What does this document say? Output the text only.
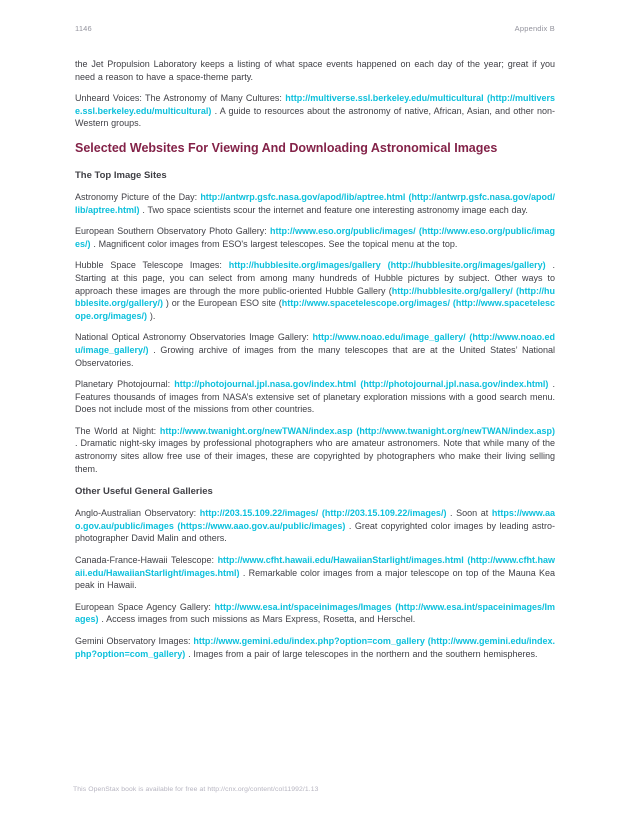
1146	Appendix B

the Jet Propulsion Laboratory keeps a listing of what space events happened on each day of the year; great if you need a reason to have a space-theme party.

Unheard Voices: The Astronomy of Many Cultures: http://multiverse.ssl.berkeley.edu/multicultural (http://multiverse.ssl.berkeley.edu/multicultural) . A guide to resources about the astronomy of native, African, Asian, and other non-Western groups.

Selected Websites For Viewing And Downloading Astronomical Images
The Top Image Sites

Astronomy Picture of the Day: http://antwrp.gsfc.nasa.gov/apod/lib/aptree.html (http://antwrp.gsfc.nasa.gov/apod/lib/aptree.html) . Two space scientists scour the internet and feature one interesting astronomy image each day.

European Southern Observatory Photo Gallery: http://www.eso.org/public/images/ (http://www.eso.org/public/images/) . Magnificent color images from ESO's largest telescopes. See the topical menu at the top.

Hubble Space Telescope Images: http://hubblesite.org/images/gallery (http://hubblesite.org/images/gallery) . Starting at this page, you can select from among many hundreds of Hubble pictures by subject. Other ways to approach these images are through the more public-oriented Hubble Gallery (http://hubblesite.org/gallery/ (http://hubblesite.org/gallery/) ) or the European ESO site (http://www.spacetelescope.org/images/ (http://www.spacetelescope.org/images/) ).

National Optical Astronomy Observatories Image Gallery: http://www.noao.edu/image_gallery/ (http://www.noao.edu/image_gallery/) . Growing archive of images from the many telescopes that are at the United States’ National Observatories.

Planetary Photojournal: http://photojournal.jpl.nasa.gov/index.html (http://photojournal.jpl.nasa.gov/index.html) . Features thousands of images from NASA’s extensive set of planetary exploration missions with a good search menu. Does not include most of the missions from other countries.

The World at Night: http://www.twanight.org/newTWAN/index.asp (http://www.twanight.org/newTWAN/index.asp) . Dramatic night-sky images by professional photographers who are amateur astronomers. Note that while many of the astronomy sites allow free use of their images, these are copyrighted by photographers who make their living selling them.

Other Useful General Galleries

Anglo-Australian Observatory: http://203.15.109.22/images/ (http://203.15.109.22/images/) . Soon at https://www.aao.gov.au/public/images (https://www.aao.gov.au/public/images) . Great copyrighted color images by leading astro-photographer David Malin and others.

Canada-France-Hawaii Telescope: http://www.cfht.hawaii.edu/HawaiianStarlight/images.html (http://www.cfht.hawaii.edu/HawaiianStarlight/images.html) . Remarkable color images from a major telescope on top of the Mauna Kea peak in Hawaii.

European Space Agency Gallery: http://www.esa.int/spaceinimages/Images (http://www.esa.int/spaceinimages/Images) . Access images from such missions as Mars Express, Rosetta, and Herschel.

Gemini Observatory Images: http://www.gemini.edu/index.php?option=com_gallery (http://www.gemini.edu/index.php?option=com_gallery) . Images from a pair of large telescopes in the northern and the southern hemispheres.

This OpenStax book is available for free at http://cnx.org/content/col11992/1.13
